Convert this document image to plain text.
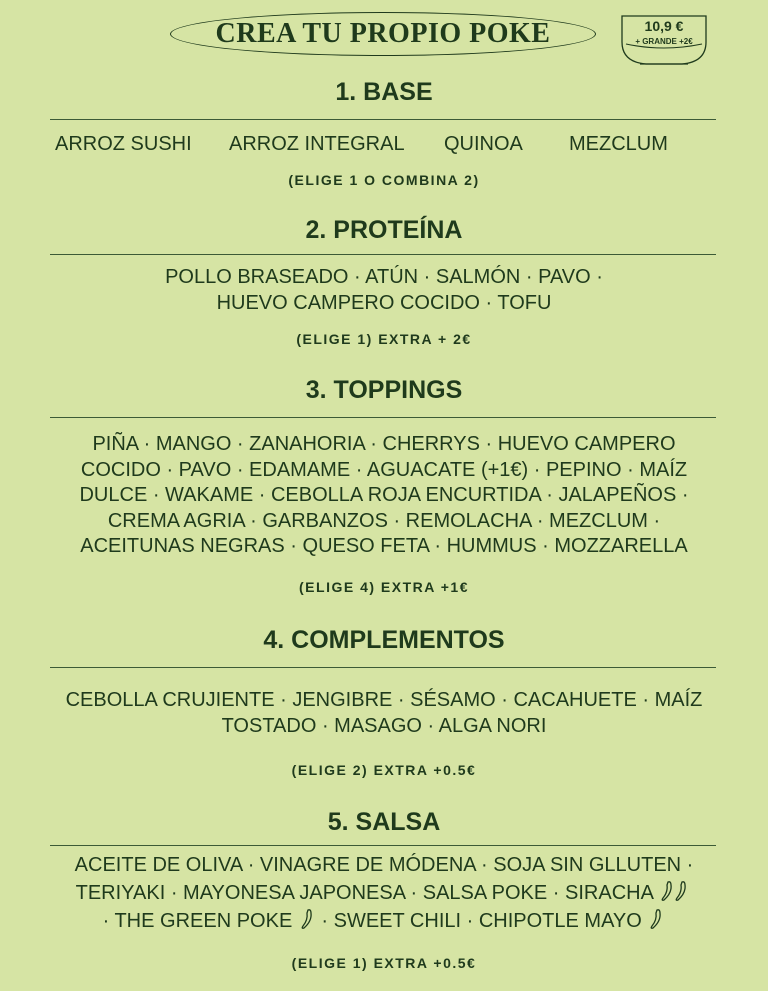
CREA TU PROPIO POKE	10,9 €
+ GRANDE +2€
1. BASE
ARROZ SUSHI ARROZ INTEGRAL QUINOA MEZCLUM
(ELIGE 1 O COMBINA 2)
2. PROTEÍNA
POLLO BRASEADO · ATÚN · SALMÓN · PAVO ·
HUEVO CAMPERO COCIDO · TOFU
(ELIGE 1) EXTRA + 2€
3. TOPPINGS
PIÑA · MANGO · ZANAHORIA · CHERRYS · HUEVO CAMPERO
COCIDO · PAVO · EDAMAME · AGUACATE (+1€) · PEPINO · MAÍZ
DULCE · WAKAME · CEBOLLA ROJA ENCURTIDA · JALAPEÑOS ·
CREMA AGRIA · GARBANZOS · REMOLACHA · MEZCLUM ·
ACEITUNAS NEGRAS · QUESO FETA · HUMMUS · MOZZARELLA
(ELIGE 4) EXTRA +1€
4. COMPLEMENTOS
CEBOLLA CRUJIENTE · JENGIBRE · SÉSAMO · CACAHUETE · MAÍZ
TOSTADO · MASAGO · ALGA NORI
(ELIGE 2) EXTRA +0.5€
5. SALSA
ACEITE DE OLIVA · VINAGRE DE MÓDENA · SOJA SIN GLLUTEN ·
TERIYAKI · MAYONESA JAPONESA · SALSA POKE · SIRACHA
· THE GREEN POKE · SWEET CHILI · CHIPOTLE MAYO
(ELIGE 1) EXTRA +0.5€
